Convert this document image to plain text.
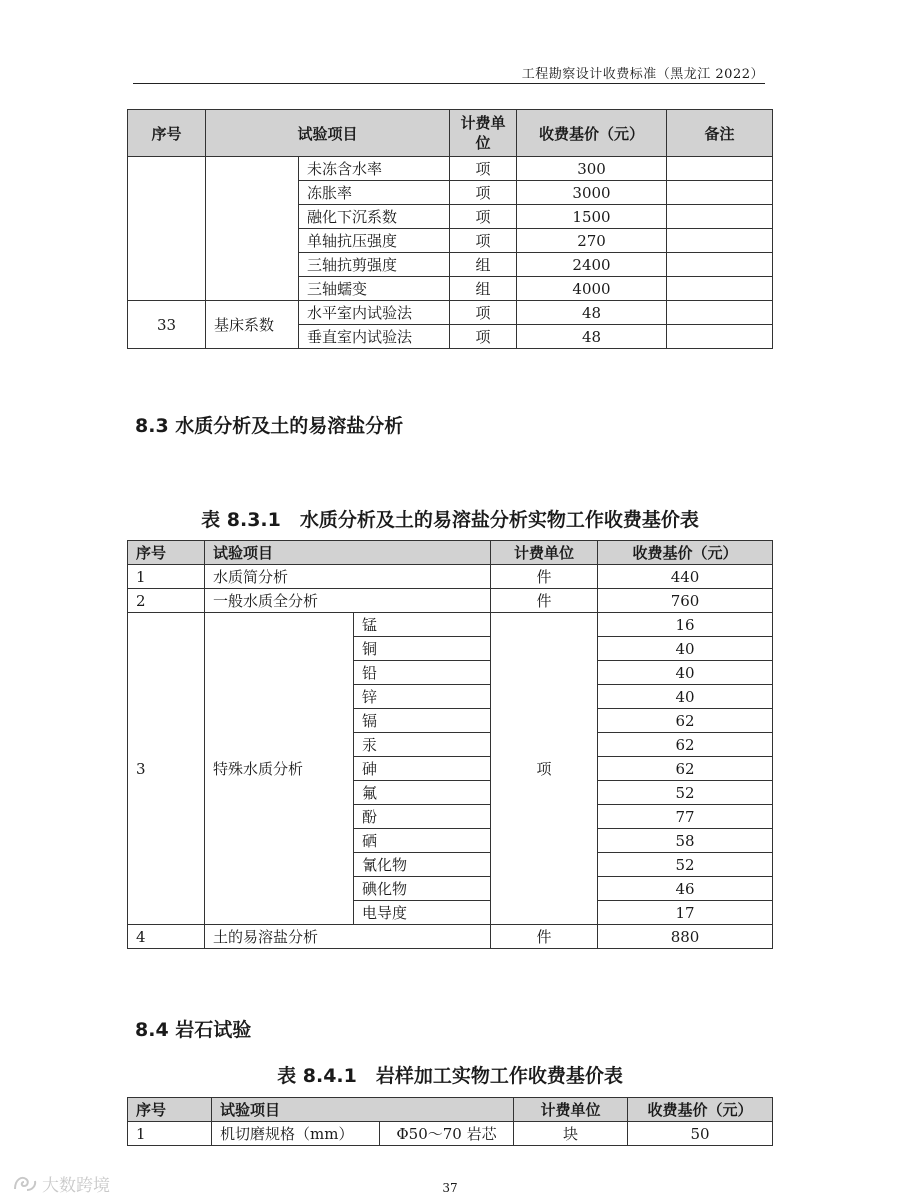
工程勘察设计收费标准（黑龙江 2022）
序号	试验项目		计费单位	收费基价（元）	备注
		未冻含水率	项	300	
		冻胀率	项	3000	
		融化下沉系数	项	1500	
		单轴抗压强度	项	270	
		三轴抗剪强度	组	2400	
		三轴蠕变	组	4000	
33	基床系数	水平室内试验法	项	48	
		垂直室内试验法	项	48	
8.3 水质分析及土的易溶盐分析
表 8.3.1　水质分析及土的易溶盐分析实物工作收费基价表
序号	试验项目		计费单位	收费基价（元）
1	水质简分析		件	440
2	一般水质全分析		件	760
3	特殊水质分析	锰	项	16
		铜		40
		铅		40
		锌		40
		镉		62
		汞		62
		砷		62
		氟		52
		酚		77
		硒		58
		氰化物		52
		碘化物		46
		电导度		17
4	土的易溶盐分析		件	880
8.4 岩石试验
表 8.4.1　岩样加工实物工作收费基价表
序号	试验项目		计费单位	收费基价（元）
1	机切磨规格（mm）	Φ50～70 岩芯	块	50
37
大数跨境
